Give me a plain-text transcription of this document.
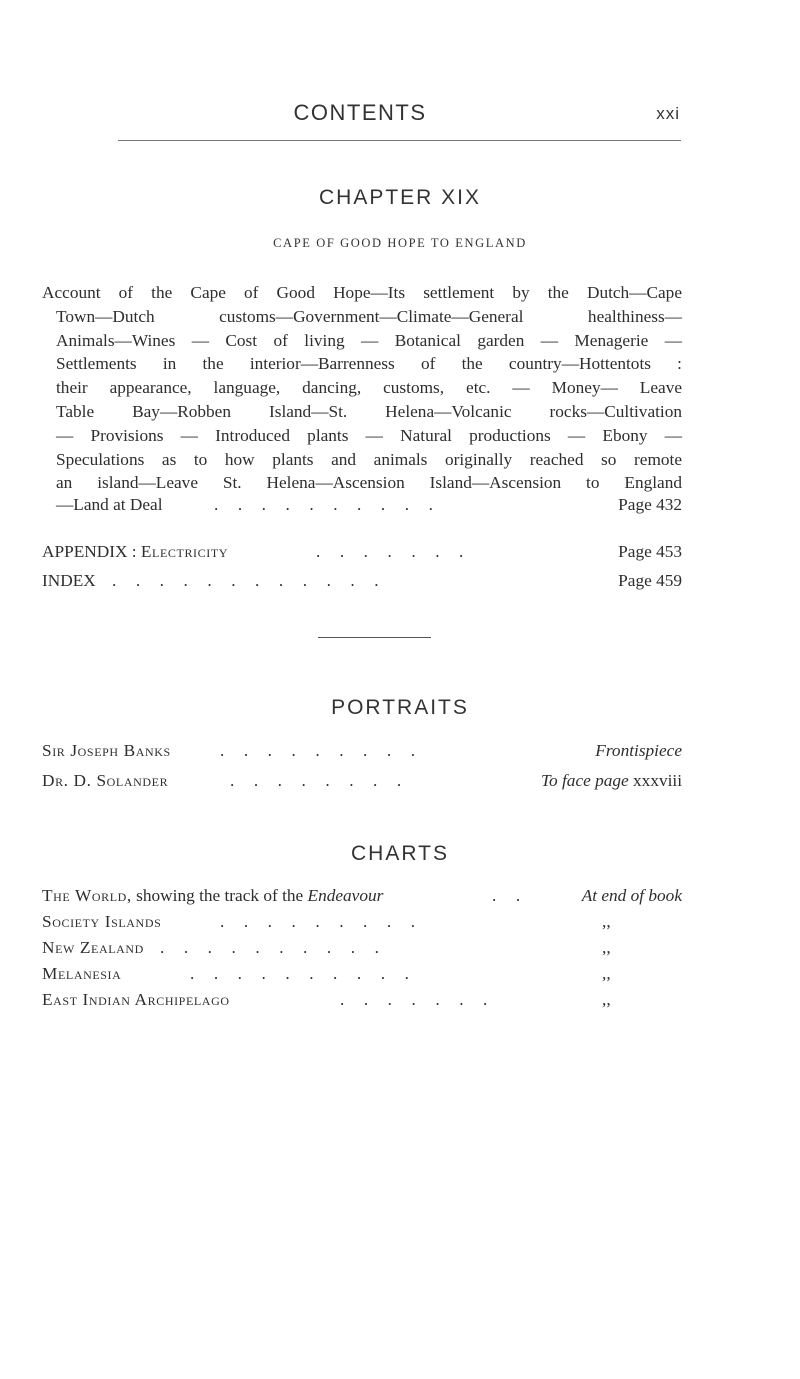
CONTENTS	xxi
CHAPTER XIX
CAPE OF GOOD HOPE TO ENGLAND
Account of the Cape of Good Hope—Its settlement by the Dutch—Cape
Town—Dutch customs—Government—Climate—General healthiness—
Animals—Wines — Cost of living — Botanical garden — Menagerie —
Settlements in the interior—Barrenness of the country—Hottentots :
their appearance, language, dancing, customs, etc. — Money— Leave
Table Bay—Robben Island—St. Helena—Volcanic rocks—Cultivation
— Provisions — Introduced plants — Natural productions — Ebony —
Speculations as to how plants and animals originally reached so remote
an island—Leave St. Helena—Ascension Island—Ascension to England
—Land at Deal	. . . . . . . . . .	Page 432
APPENDIX : Electricity	. . . . . . .	Page 453
INDEX . . . . . . . . . . . .	Page 459
PORTRAITS
Sir Joseph Banks	. . . . . . . . .	Frontispiece
Dr. D. Solander	. . . . . . . .	To face page xxxviii
CHARTS
The World, showing the track of the Endeavour	. .	At end of book
Society Islands	. . . . . . . . .	,,
New Zealand . . . . . . . . . .	,,
Melanesia	. . . . . . . . . .	,,
East Indian Archipelago	. . . . . . .	,,
